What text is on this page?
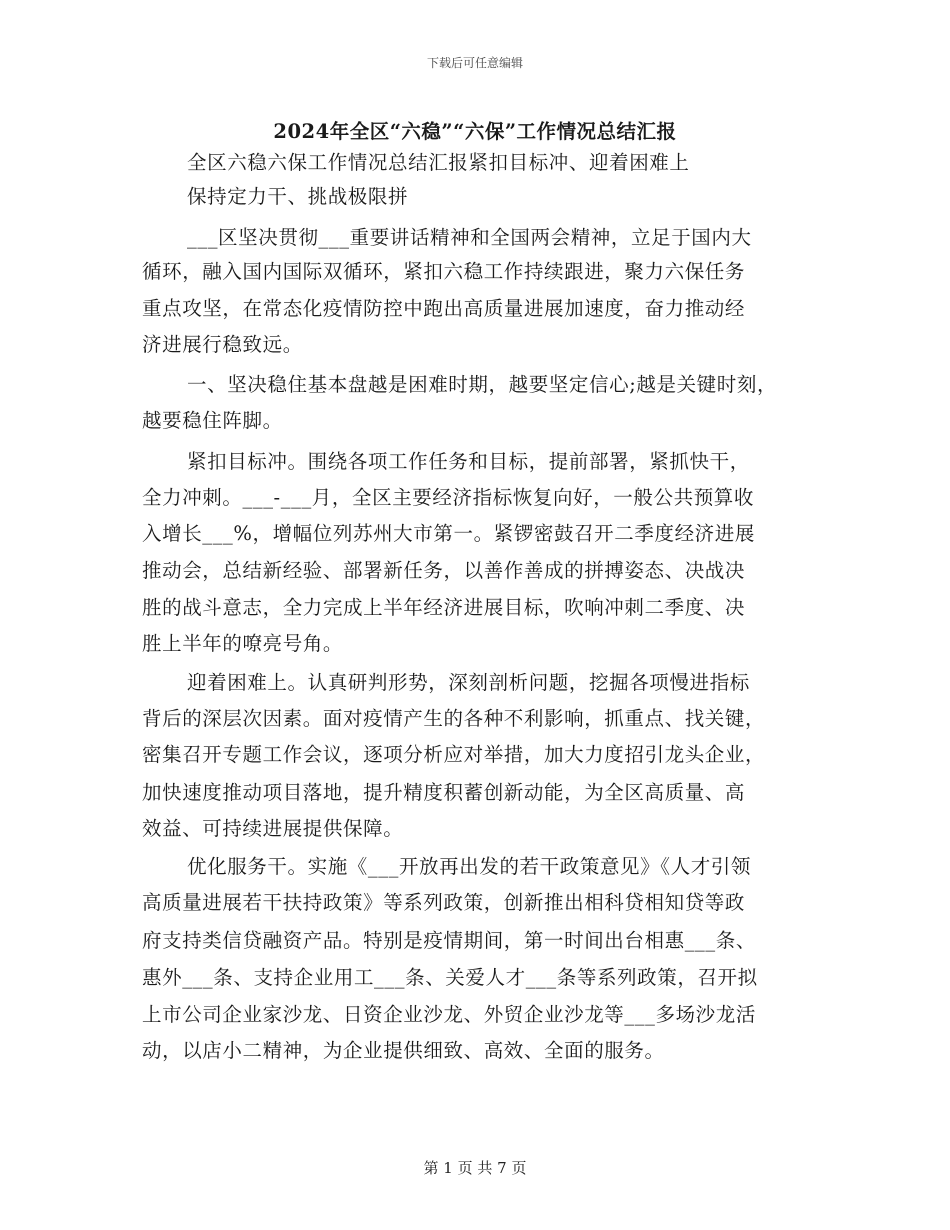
下载后可任意编辑
2024年全区“六稳”“六保”工作情况总结汇报
全区六稳六保工作情况总结汇报紧扣目标冲、迎着困难上
保持定力干、挑战极限拼
___区坚决贯彻___重要讲话精神和全国两会精神，立足于国内大
循环，融入国内国际双循环，紧扣六稳工作持续跟进，聚力六保任务
重点攻坚，在常态化疫情防控中跑出高质量进展加速度，奋力推动经
济进展行稳致远。
一、坚决稳住基本盘越是困难时期，越要坚定信心;越是关键时刻，
越要稳住阵脚。
紧扣目标冲。围绕各项工作任务和目标，提前部署，紧抓快干，
全力冲刺。___-___月，全区主要经济指标恢复向好，一般公共预算收
入增长___%，增幅位列苏州大市第一。紧锣密鼓召开二季度经济进展
推动会，总结新经验、部署新任务，以善作善成的拼搏姿态、决战决
胜的战斗意志，全力完成上半年经济进展目标，吹响冲刺二季度、决
胜上半年的嘹亮号角。
迎着困难上。认真研判形势，深刻剖析问题，挖掘各项慢进指标
背后的深层次因素。面对疫情产生的各种不利影响，抓重点、找关键，
密集召开专题工作会议，逐项分析应对举措，加大力度招引龙头企业，
加快速度推动项目落地，提升精度积蓄创新动能，为全区高质量、高
效益、可持续进展提供保障。
优化服务干。实施《___开放再出发的若干政策意见》《人才引领
高质量进展若干扶持政策》等系列政策，创新推出相科贷相知贷等政
府支持类信贷融资产品。特别是疫情期间，第一时间出台相惠___条、
惠外___条、支持企业用工___条、关爱人才___条等系列政策，召开拟
上市公司企业家沙龙、日资企业沙龙、外贸企业沙龙等___多场沙龙活
动，以店小二精神，为企业提供细致、高效、全面的服务。
第 1 页 共 7 页
